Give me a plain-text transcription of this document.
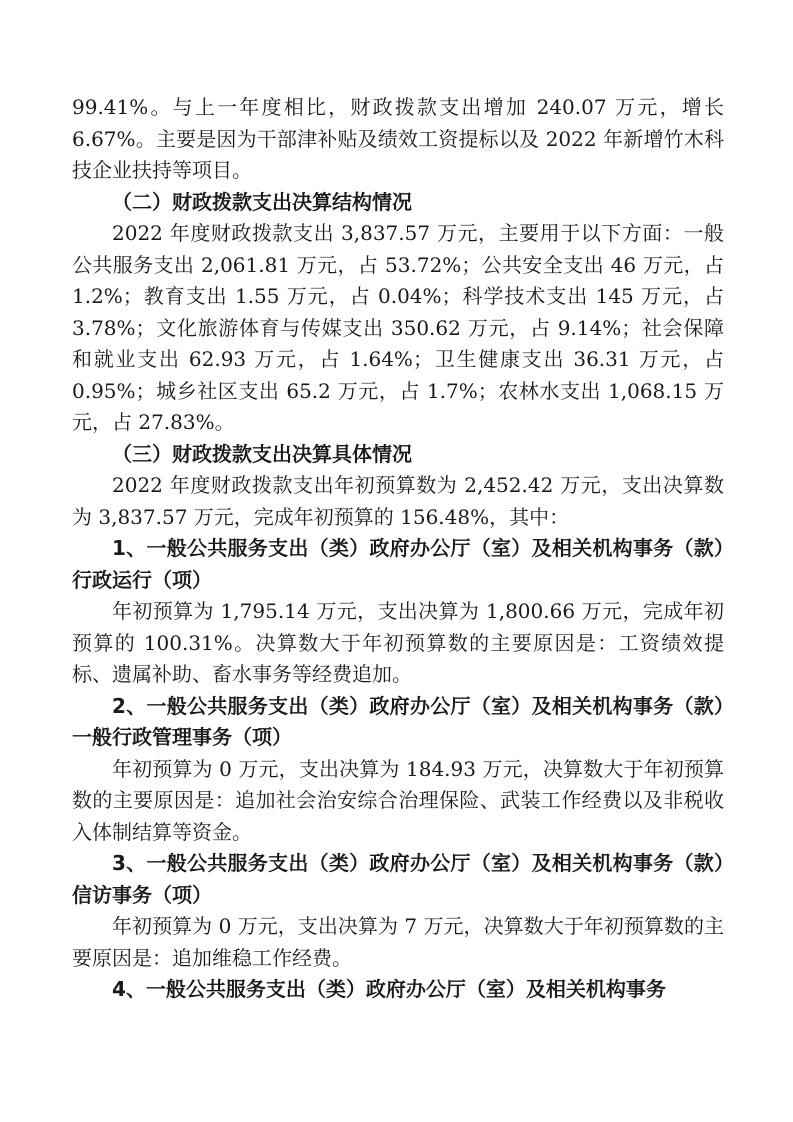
99.41%。与上一年度相比，财政拨款支出增加 240.07 万元，增长 6.67%。主要是因为干部津补贴及绩效工资提标以及 2022 年新增竹木科技企业扶持等项目。

（二）财政拨款支出决算结构情况

2022 年度财政拨款支出 3,837.57 万元，主要用于以下方面：一般公共服务支出 2,061.81 万元，占 53.72%；公共安全支出 46 万元，占 1.2%；教育支出 1.55 万元，占 0.04%；科学技术支出 145 万元，占 3.78%；文化旅游体育与传媒支出 350.62 万元，占 9.14%；社会保障和就业支出 62.93 万元，占 1.64%；卫生健康支出 36.31 万元，占 0.95%；城乡社区支出 65.2 万元，占 1.7%；农林水支出 1,068.15 万元，占 27.83%。

（三）财政拨款支出决算具体情况

2022 年度财政拨款支出年初预算数为 2,452.42 万元，支出决算数为 3,837.57 万元，完成年初预算的 156.48%，其中：

1、一般公共服务支出（类）政府办公厅（室）及相关机构事务（款）行政运行（项）

年初预算为 1,795.14 万元，支出决算为 1,800.66 万元，完成年初预算的 100.31%。决算数大于年初预算数的主要原因是：工资绩效提标、遗属补助、畜水事务等经费追加。

2、一般公共服务支出（类）政府办公厅（室）及相关机构事务（款）一般行政管理事务（项）

年初预算为 0 万元，支出决算为 184.93 万元，决算数大于年初预算数的主要原因是：追加社会治安综合治理保险、武装工作经费以及非税收入体制结算等资金。

3、一般公共服务支出（类）政府办公厅（室）及相关机构事务（款）信访事务（项）

年初预算为 0 万元，支出决算为 7 万元，决算数大于年初预算数的主要原因是：追加维稳工作经费。

4、一般公共服务支出（类）政府办公厅（室）及相关机构事务
